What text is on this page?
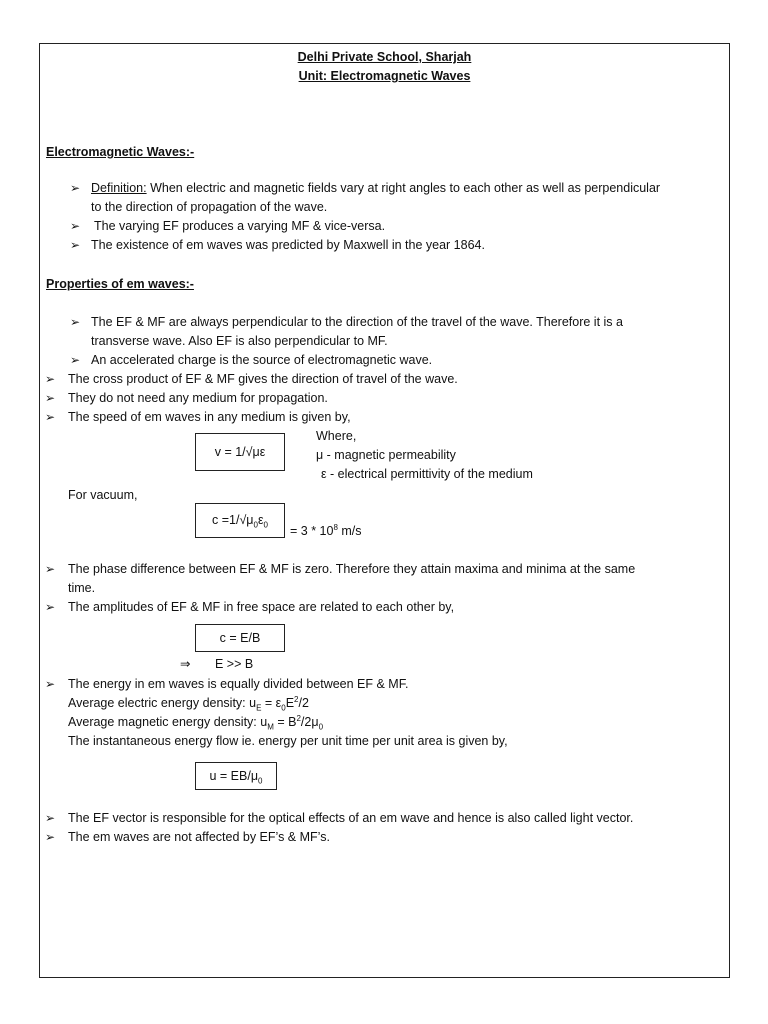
Delhi Private School, Sharjah
Unit: Electromagnetic Waves
Electromagnetic Waves:-
➢ Definition: When electric and magnetic fields vary at right angles to each other as well as perpendicular
to the direction of propagation of the wave.
➢ The varying EF produces a varying MF & vice-versa.
➢ The existence of em waves was predicted by Maxwell in the year 1864.
Properties of em waves:-
➢ The EF & MF are always perpendicular to the direction of the travel of the wave. Therefore it is a
transverse wave. Also EF is also perpendicular to MF.
➢ An accelerated charge is the source of electromagnetic wave.
➢ The cross product of EF & MF gives the direction of travel of the wave.
➢ They do not need any medium for propagation.
➢ The speed of em waves in any medium is given by,
v = 1/√με
Where,
μ - magnetic permeability
ε - electrical permittivity of the medium
For vacuum,
$c =1/√\mu_0\varepsilon_0 = 3 * 10^8$ m/s
➢ The phase difference between EF & MF is zero. Therefore they attain maxima and minima at the same
time.
➢ The amplitudes of EF & MF in free space are related to each other by,
c = E/B
⇒ E >> B
➢ The energy in em waves is equally divided between EF & MF.
Average electric energy density: $u_E = \varepsilon_0E^2/2$
Average magnetic energy density: $u_M = B^2/2\mu_0$
The instantaneous energy flow ie. energy per unit time per unit area is given by,
$u = EB/\mu_0$
➢ The EF vector is responsible for the optical effects of an em wave and hence is also called light vector.
➢ The em waves are not affected by EF’s & MF’s.
